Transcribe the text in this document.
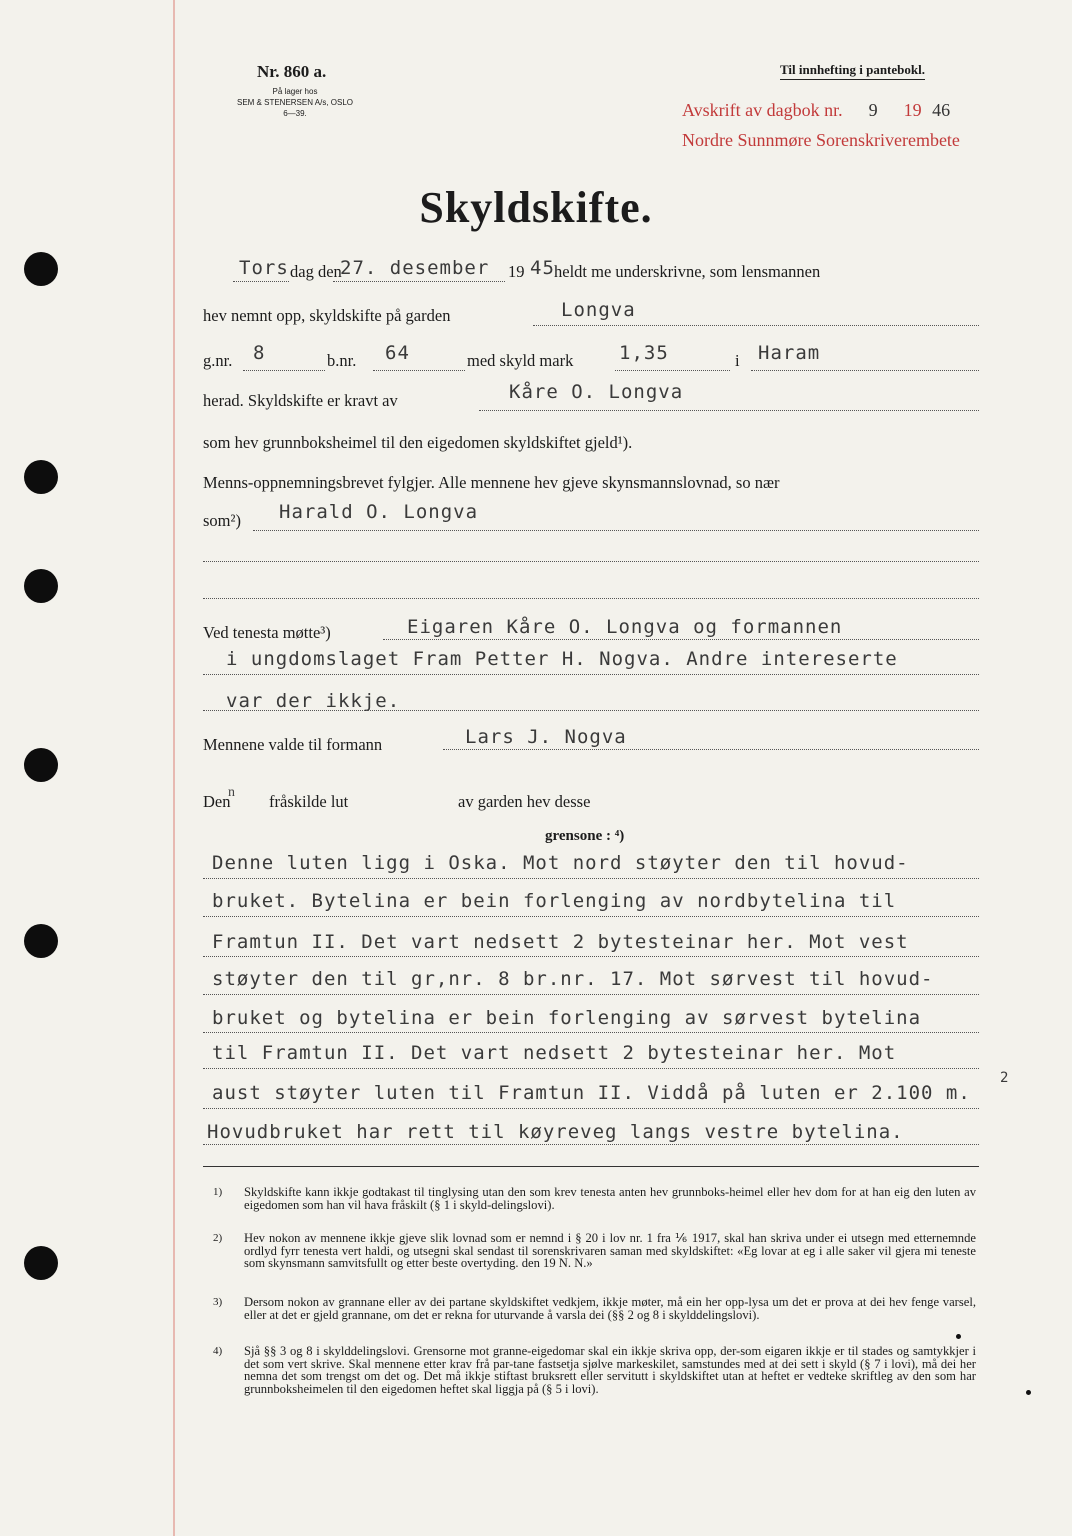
Nr. 860 a.
På lager hos
SEM & STENERSEN A/s, OSLO
6—39.
Til innhefting i pantebokl.
Avskrift av dagbok nr. 9 19 46
Nordre Sunnmøre Sorenskriverembete
Skyldskifte.
Tors dag den
27. desember 19 45 heldt me underskrivne, som lensmannen
hev nemnt opp, skyldskifte på garden	Longva
g.nr. 8	b.nr. 64	med skyld mark 1,35	i Haram
herad. Skyldskifte er kravt av	Kåre O. Longva
som hev grunnboksheimel til den eigedomen skyldskiftet gjeld¹).
Menns-oppnemningsbrevet fylgjer. Alle mennene hev gjeve skynsmannslovnad, so nær
som²) Harald O. Longva
Ved tenesta møtte³)	Eigaren Kåre O. Longva og formannen
i ungdomslaget Fram Petter H. Nogva. Andre intereserte
var der ikkje.
Mennene valde til formann	Lars J. Nogva
Den
n fråskilde lut	av garden hev desse
grensone : ⁴)
Denne luten ligg i Oska. Mot nord støyter den til hovud-
bruket. Bytelina er bein forlenging av nordbytelina til
Framtun II. Det vart nedsett 2 bytesteinar her. Mot vest
støyter den til gr,nr. 8 br.nr. 17. Mot sørvest til hovud-
bruket og bytelina er bein forlenging av sørvest bytelina
til Framtun II. Det vart nedsett 2 bytesteinar her. Mot
aust støyter luten til Framtun II. Viddå på luten er 2.100 m.
2
Hovudbruket har rett til køyreveg langs vestre bytelina.
1) Skyldskifte kann ikkje godtakast til tinglysing utan den som krev tenesta anten hev grunnboks-heimel eller hev dom for at han eig den luten av eigedomen som han vil hava fråskilt (§ 1 i skyld-delingslovi).
2) Hev nokon av mennene ikkje gjeve slik lovnad som er nemnd i § 20 i lov nr. 1 fra ⅙ 1917, skal han skriva under ei utsegn med etternemnde ordlyd fyrr tenesta vert haldi, og utsegni skal sendast til sorenskrivaren saman med skyldskiftet: «Eg lovar at eg i alle saker vil gjera mi teneste som skynsmann samvitsfullt og etter beste overtyding. den 19 N. N.»
3) Dersom nokon av grannane eller av dei partane skyldskiftet vedkjem, ikkje møter, må ein her opp-lysa um det er prova at dei hev fenge varsel, eller at det er gjeld grannane, om det er rekna for uturvande å varsla dei (§§ 2 og 8 i skylddelingslovi).
4) Sjå §§ 3 og 8 i skylddelingslovi. Grensorne mot granne-eigedomar skal ein ikkje skriva opp, der-som eigaren ikkje er til stades og samtykkjer i det som vert skrive. Skal mennene etter krav frå par-tane fastsetja sjølve markeskilet, samstundes med at dei sett i skyld (§ 7 i lovi), må dei her nemna det som trengst om det og. Det må ikkje stiftast bruksrett eller servitutt i skyldskiftet utan at heftet er vedteke skriftleg av den som har grunnboksheimelen til den eigedomen heftet skal liggja på (§ 5 i lovi).
